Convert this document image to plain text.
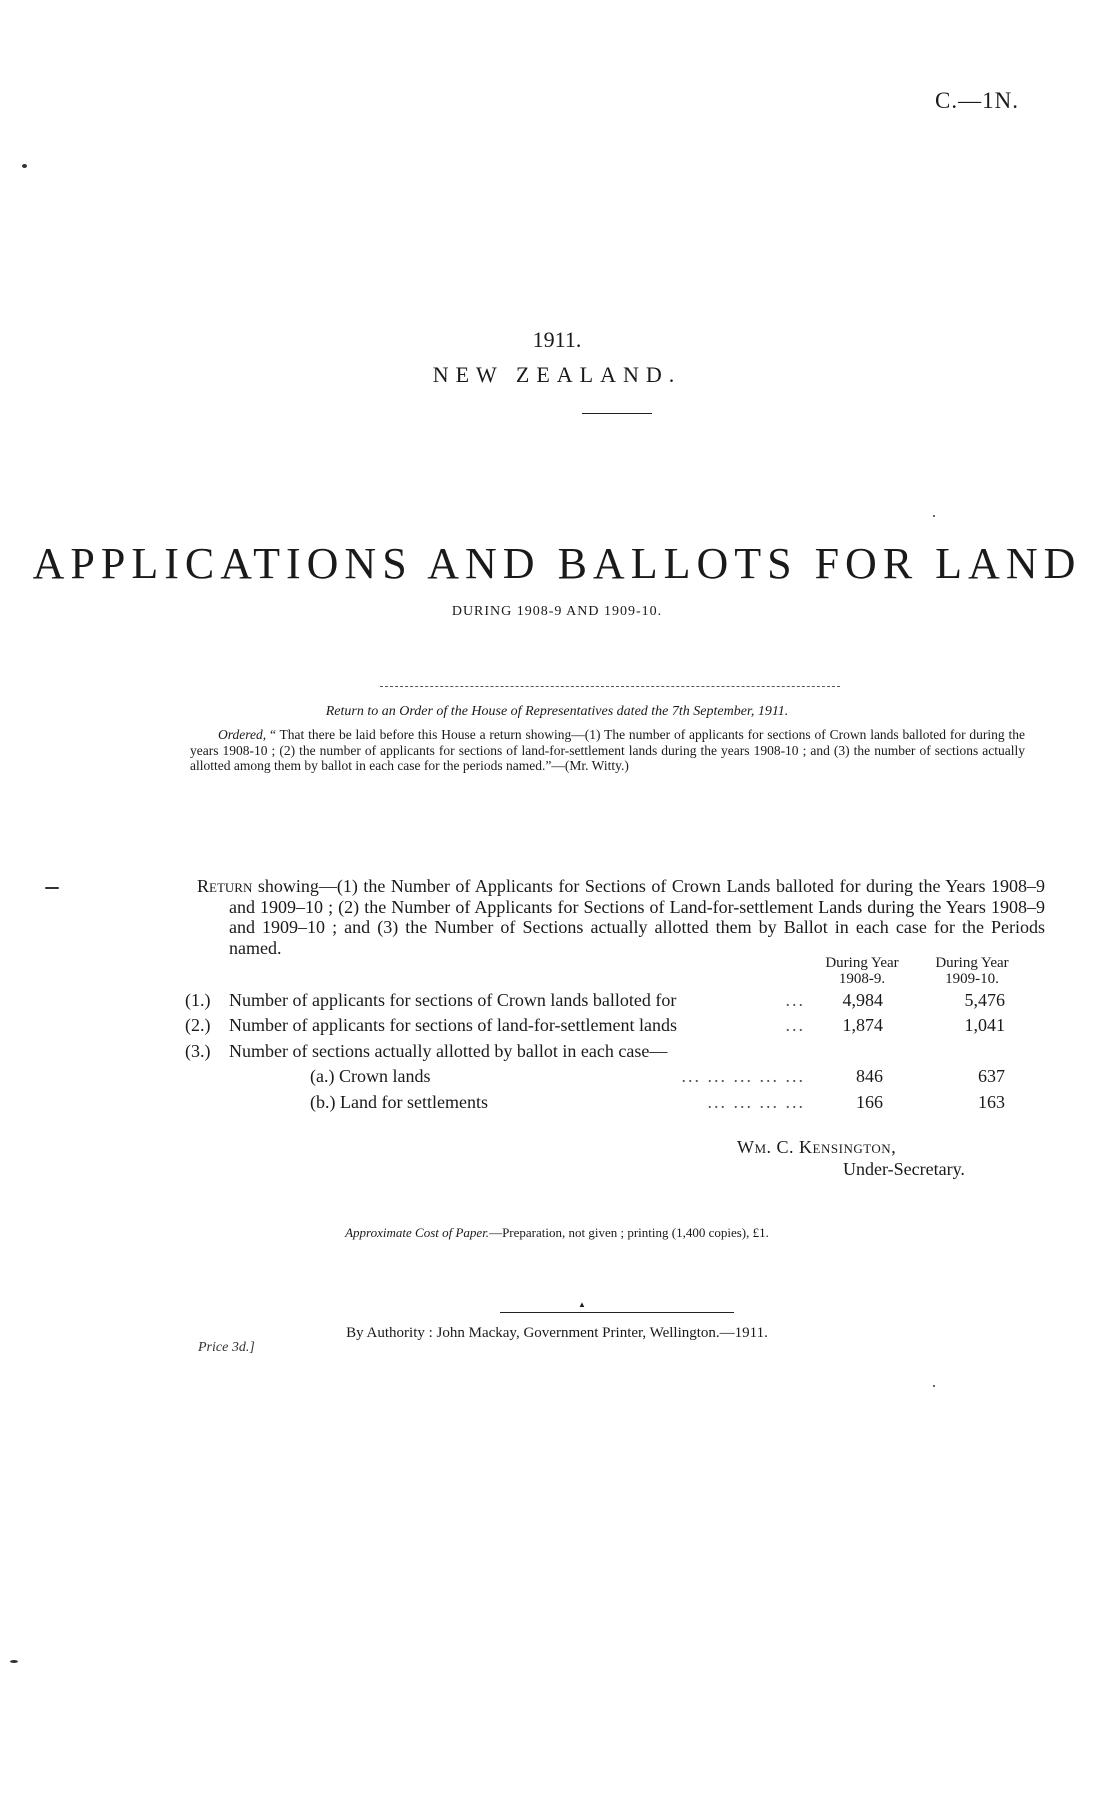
C.—1N.
1911.
NEW ZEALAND.
APPLICATIONS AND BALLOTS FOR LAND
DURING 1908-9 AND 1909-10.
Return to an Order of the House of Representatives dated the 7th September, 1911.
Ordered, “ That there be laid before this House a return showing—(1) The number of applicants for sections of Crown lands balloted for during the years 1908-10 ; (2) the number of applicants for sections of land-for-settlement lands during the years 1908-10 ; and (3) the number of sections actually allotted among them by ballot in each case for the periods named.”—(Mr. Witty.)
Return showing—(1) the Number of Applicants for Sections of Crown Lands balloted for during the Years 1908–9 and 1909–10 ; (2) the Number of Applicants for Sections of Land-for-settlement Lands during the Years 1908–9 and 1909–10 ; and (3) the Number of Sections actually allotted them by Ballot in each case for the Periods named.
During Year
1908-9.
During Year
1909-10.
(1.) Number of applicants for sections of Crown lands balloted for	...	4,984	5,476
(2.) Number of applicants for sections of land-for-settlement lands	...	1,874	1,041
(3.) Number of sections actually allotted by ballot in each case—
(a.) Crown lands	... ... ... ... ...	846	637
(b.) Land for settlements	... ... ... ...	166	163
Wm. C. Kensington,
Under-Secretary.
Approximate Cost of Paper.—Preparation, not given ; printing (1,400 copies), £1.
▲
Price 3d.]
By Authority : John Mackay, Government Printer, Wellington.—1911.
